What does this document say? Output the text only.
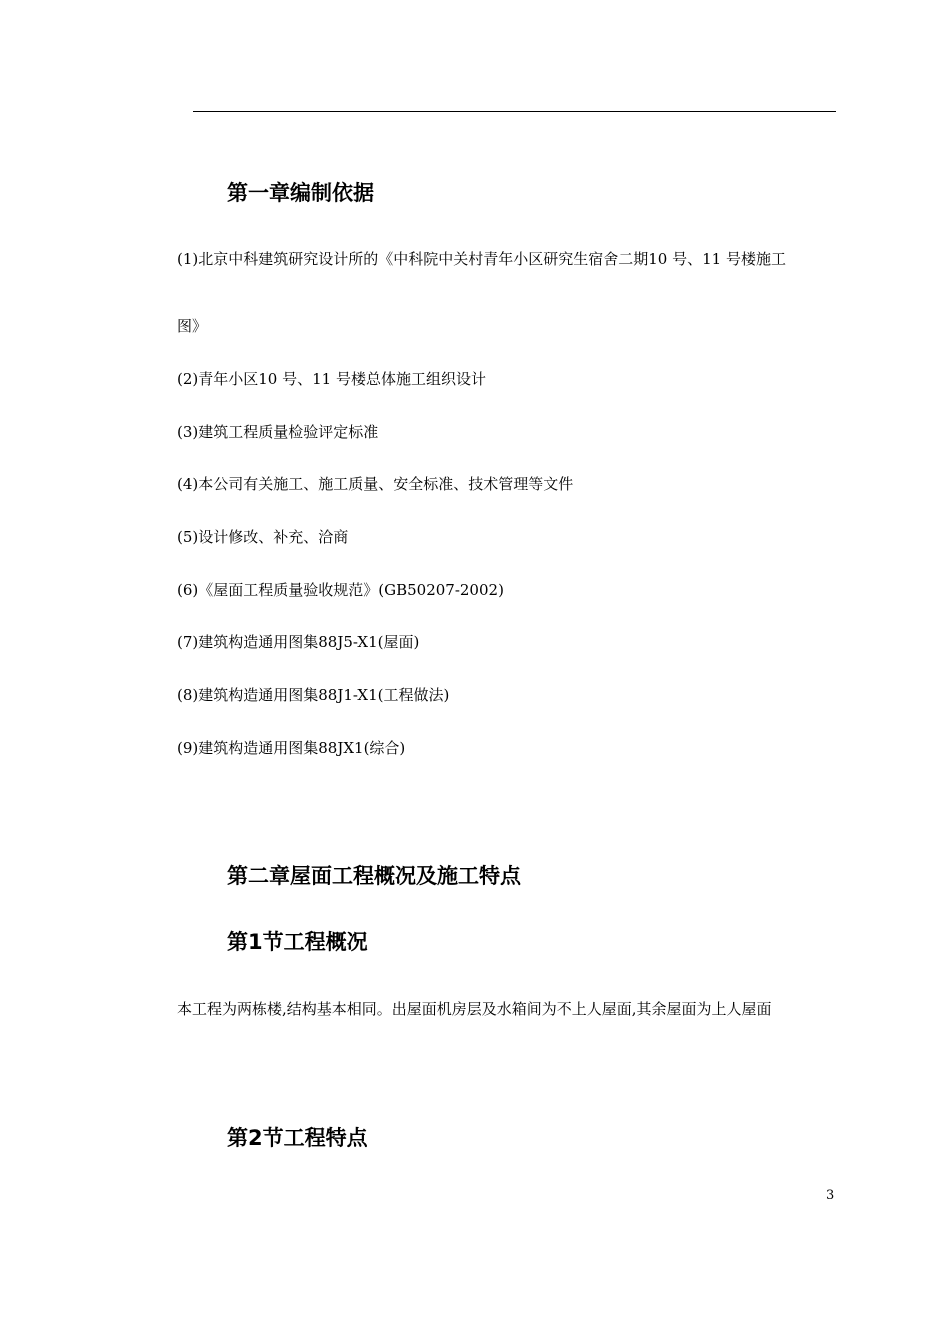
第一章编制依据
(1)北京中科建筑研究设计所的《中科院中关村青年小区研究生宿舍二期10 号、11 号楼施工
图》
(2)青年小区10 号、11 号楼总体施工组织设计
(3)建筑工程质量检验评定标准
(4)本公司有关施工、施工质量、安全标准、技术管理等文件
(5)设计修改、补充、洽商
(6)《屋面工程质量验收规范》(GB50207-2002)
(7)建筑构造通用图集88J5-X1(屋面)
(8)建筑构造通用图集88J1-X1(工程做法)
(9)建筑构造通用图集88JX1(综合)
第二章屋面工程概况及施工特点
第1节工程概况
本工程为两栋楼,结构基本相同。出屋面机房层及水箱间为不上人屋面,其余屋面为上人屋面
第2节工程特点
3
